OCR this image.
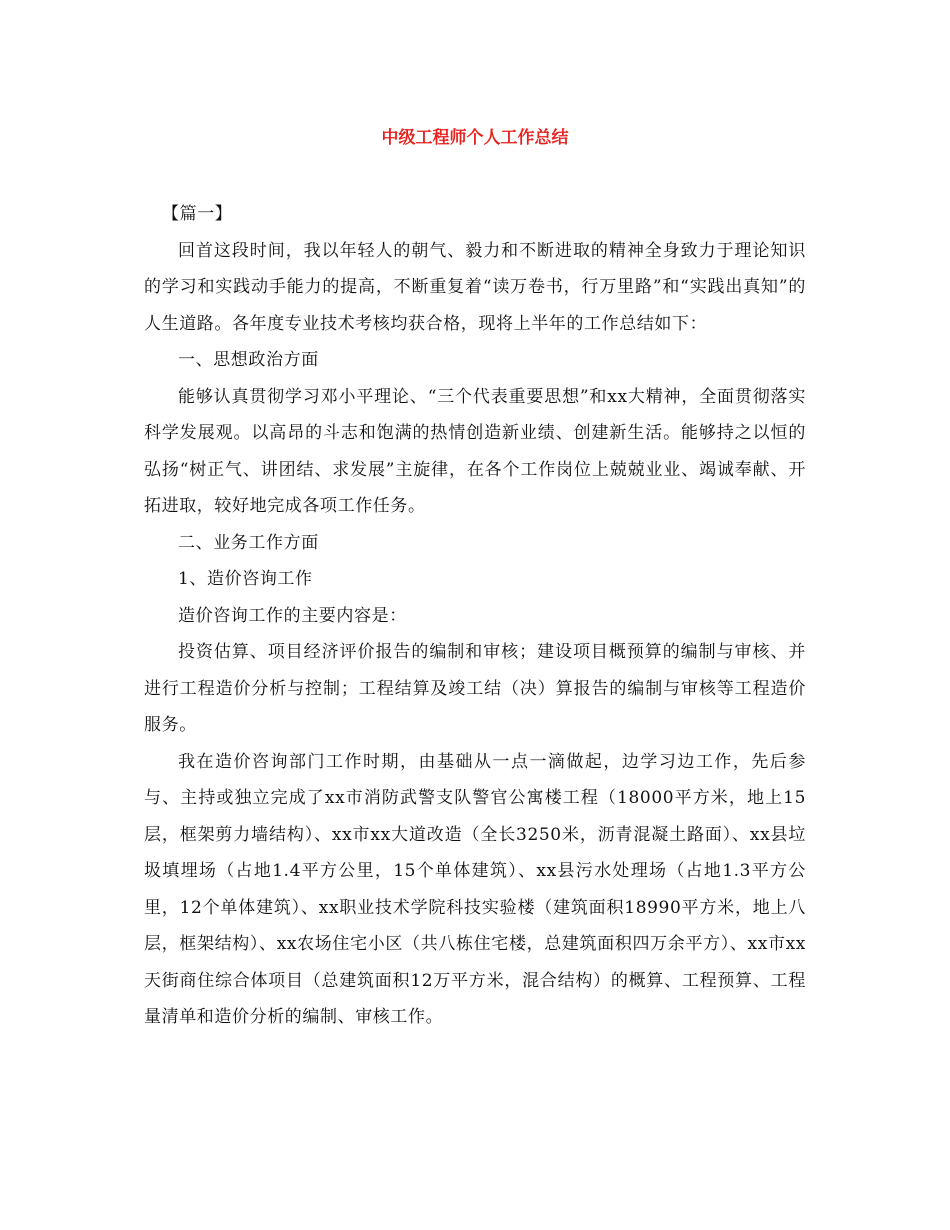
中级工程师个人工作总结

【篇一】

回首这段时间，我以年轻人的朝气、毅力和不断进取的精神全身致力于理论知识的学习和实践动手能力的提高，不断重复着“读万卷书，行万里路”和“实践出真知”的人生道路。各年度专业技术考核均获合格，现将上半年的工作总结如下：

一、思想政治方面

能够认真贯彻学习邓小平理论、“三个代表重要思想”和xx大精神，全面贯彻落实科学发展观。以高昂的斗志和饱满的热情创造新业绩、创建新生活。能够持之以恒的弘扬“树正气、讲团结、求发展”主旋律，在各个工作岗位上兢兢业业、竭诚奉献、开拓进取，较好地完成各项工作任务。

二、业务工作方面

1、造价咨询工作

造价咨询工作的主要内容是：

投资估算、项目经济评价报告的编制和审核；建设项目概预算的编制与审核、并进行工程造价分析与控制；工程结算及竣工结（决）算报告的编制与审核等工程造价服务。

我在造价咨询部门工作时期，由基础从一点一滴做起，边学习边工作，先后参与、主持或独立完成了xx市消防武警支队警官公寓楼工程（18000平方米，地上15层，框架剪力墙结构）、xx市xx大道改造（全长3250米，沥青混凝土路面）、xx县垃圾填埋场（占地1.4平方公里，15个单体建筑）、xx县污水处理场（占地1.3平方公里，12个单体建筑）、xx职业技术学院科技实验楼（建筑面积18990平方米，地上八层，框架结构）、xx农场住宅小区（共八栋住宅楼，总建筑面积四万余平方）、xx市xx天街商住综合体项目（总建筑面积12万平方米，混合结构）的概算、工程预算、工程量清单和造价分析的编制、审核工作。
